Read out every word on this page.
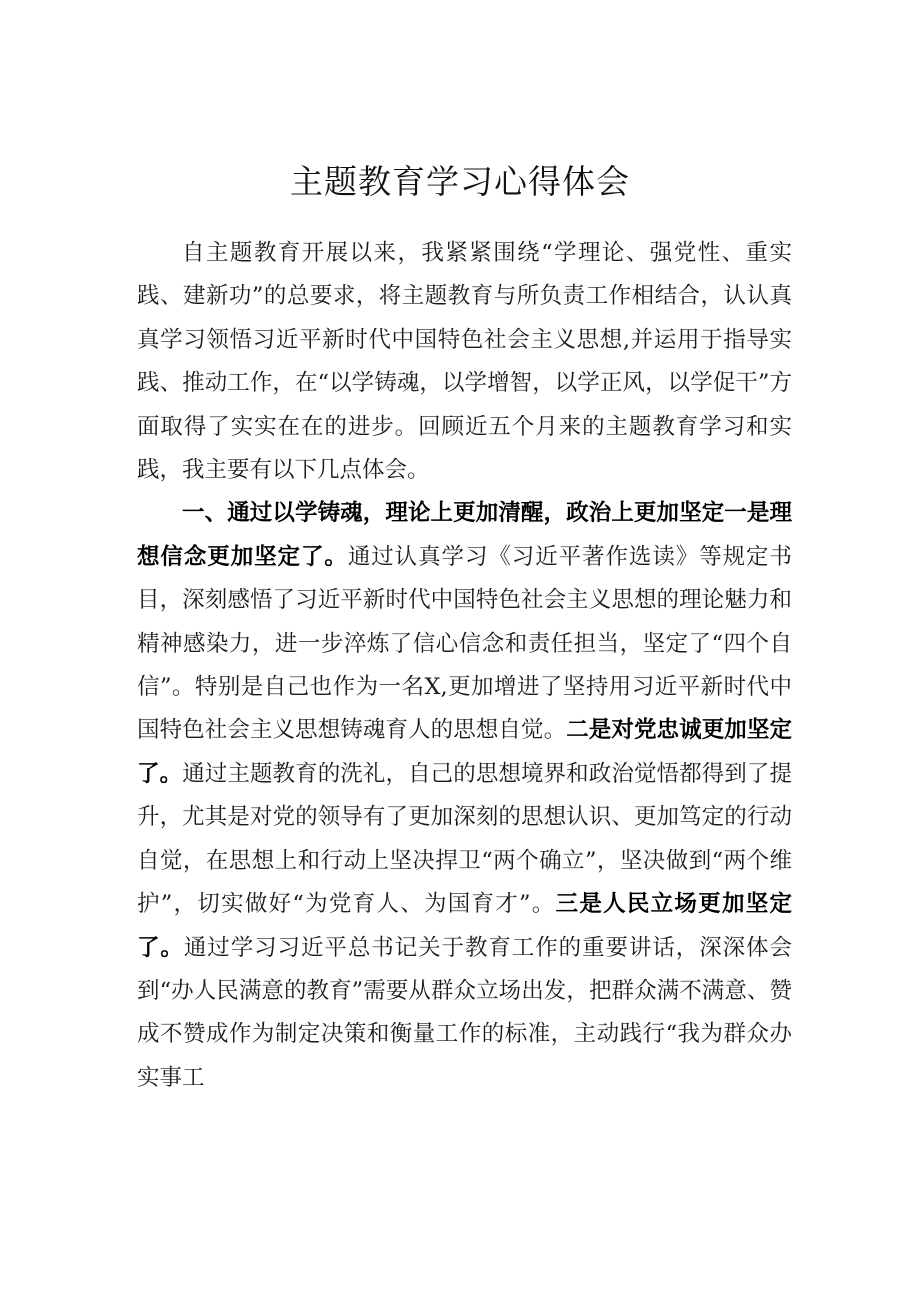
主题教育学习心得体会

自主题教育开展以来，我紧紧围绕“学理论、强党性、重实践、建新功”的总要求，将主题教育与所负责工作相结合，认认真真学习领悟习近平新时代中国特色社会主义思想,并运用于指导实践、推动工作，在“以学铸魂，以学增智，以学正风，以学促干”方面取得了实实在在的进步。回顾近五个月来的主题教育学习和实践，我主要有以下几点体会。

一、通过以学铸魂，理论上更加清醒，政治上更加坚定一是理想信念更加坚定了。通过认真学习《习近平著作选读》等规定书目，深刻感悟了习近平新时代中国特色社会主义思想的理论魅力和精神感染力，进一步淬炼了信心信念和责任担当，坚定了“四个自信”。特别是自己也作为一名X,更加增进了坚持用习近平新时代中国特色社会主义思想铸魂育人的思想自觉。二是对党忠诚更加坚定了。通过主题教育的洗礼，自己的思想境界和政治觉悟都得到了提升，尤其是对党的领导有了更加深刻的思想认识、更加笃定的行动自觉，在思想上和行动上坚决捍卫“两个确立”，坚决做到“两个维护”，切实做好“为党育人、为国育才”。三是人民立场更加坚定了。通过学习习近平总书记关于教育工作的重要讲话，深深体会到“办人民满意的教育”需要从群众立场出发，把群众满不满意、赞成不赞成作为制定决策和衡量工作的标准，主动践行“我为群众办实事工
